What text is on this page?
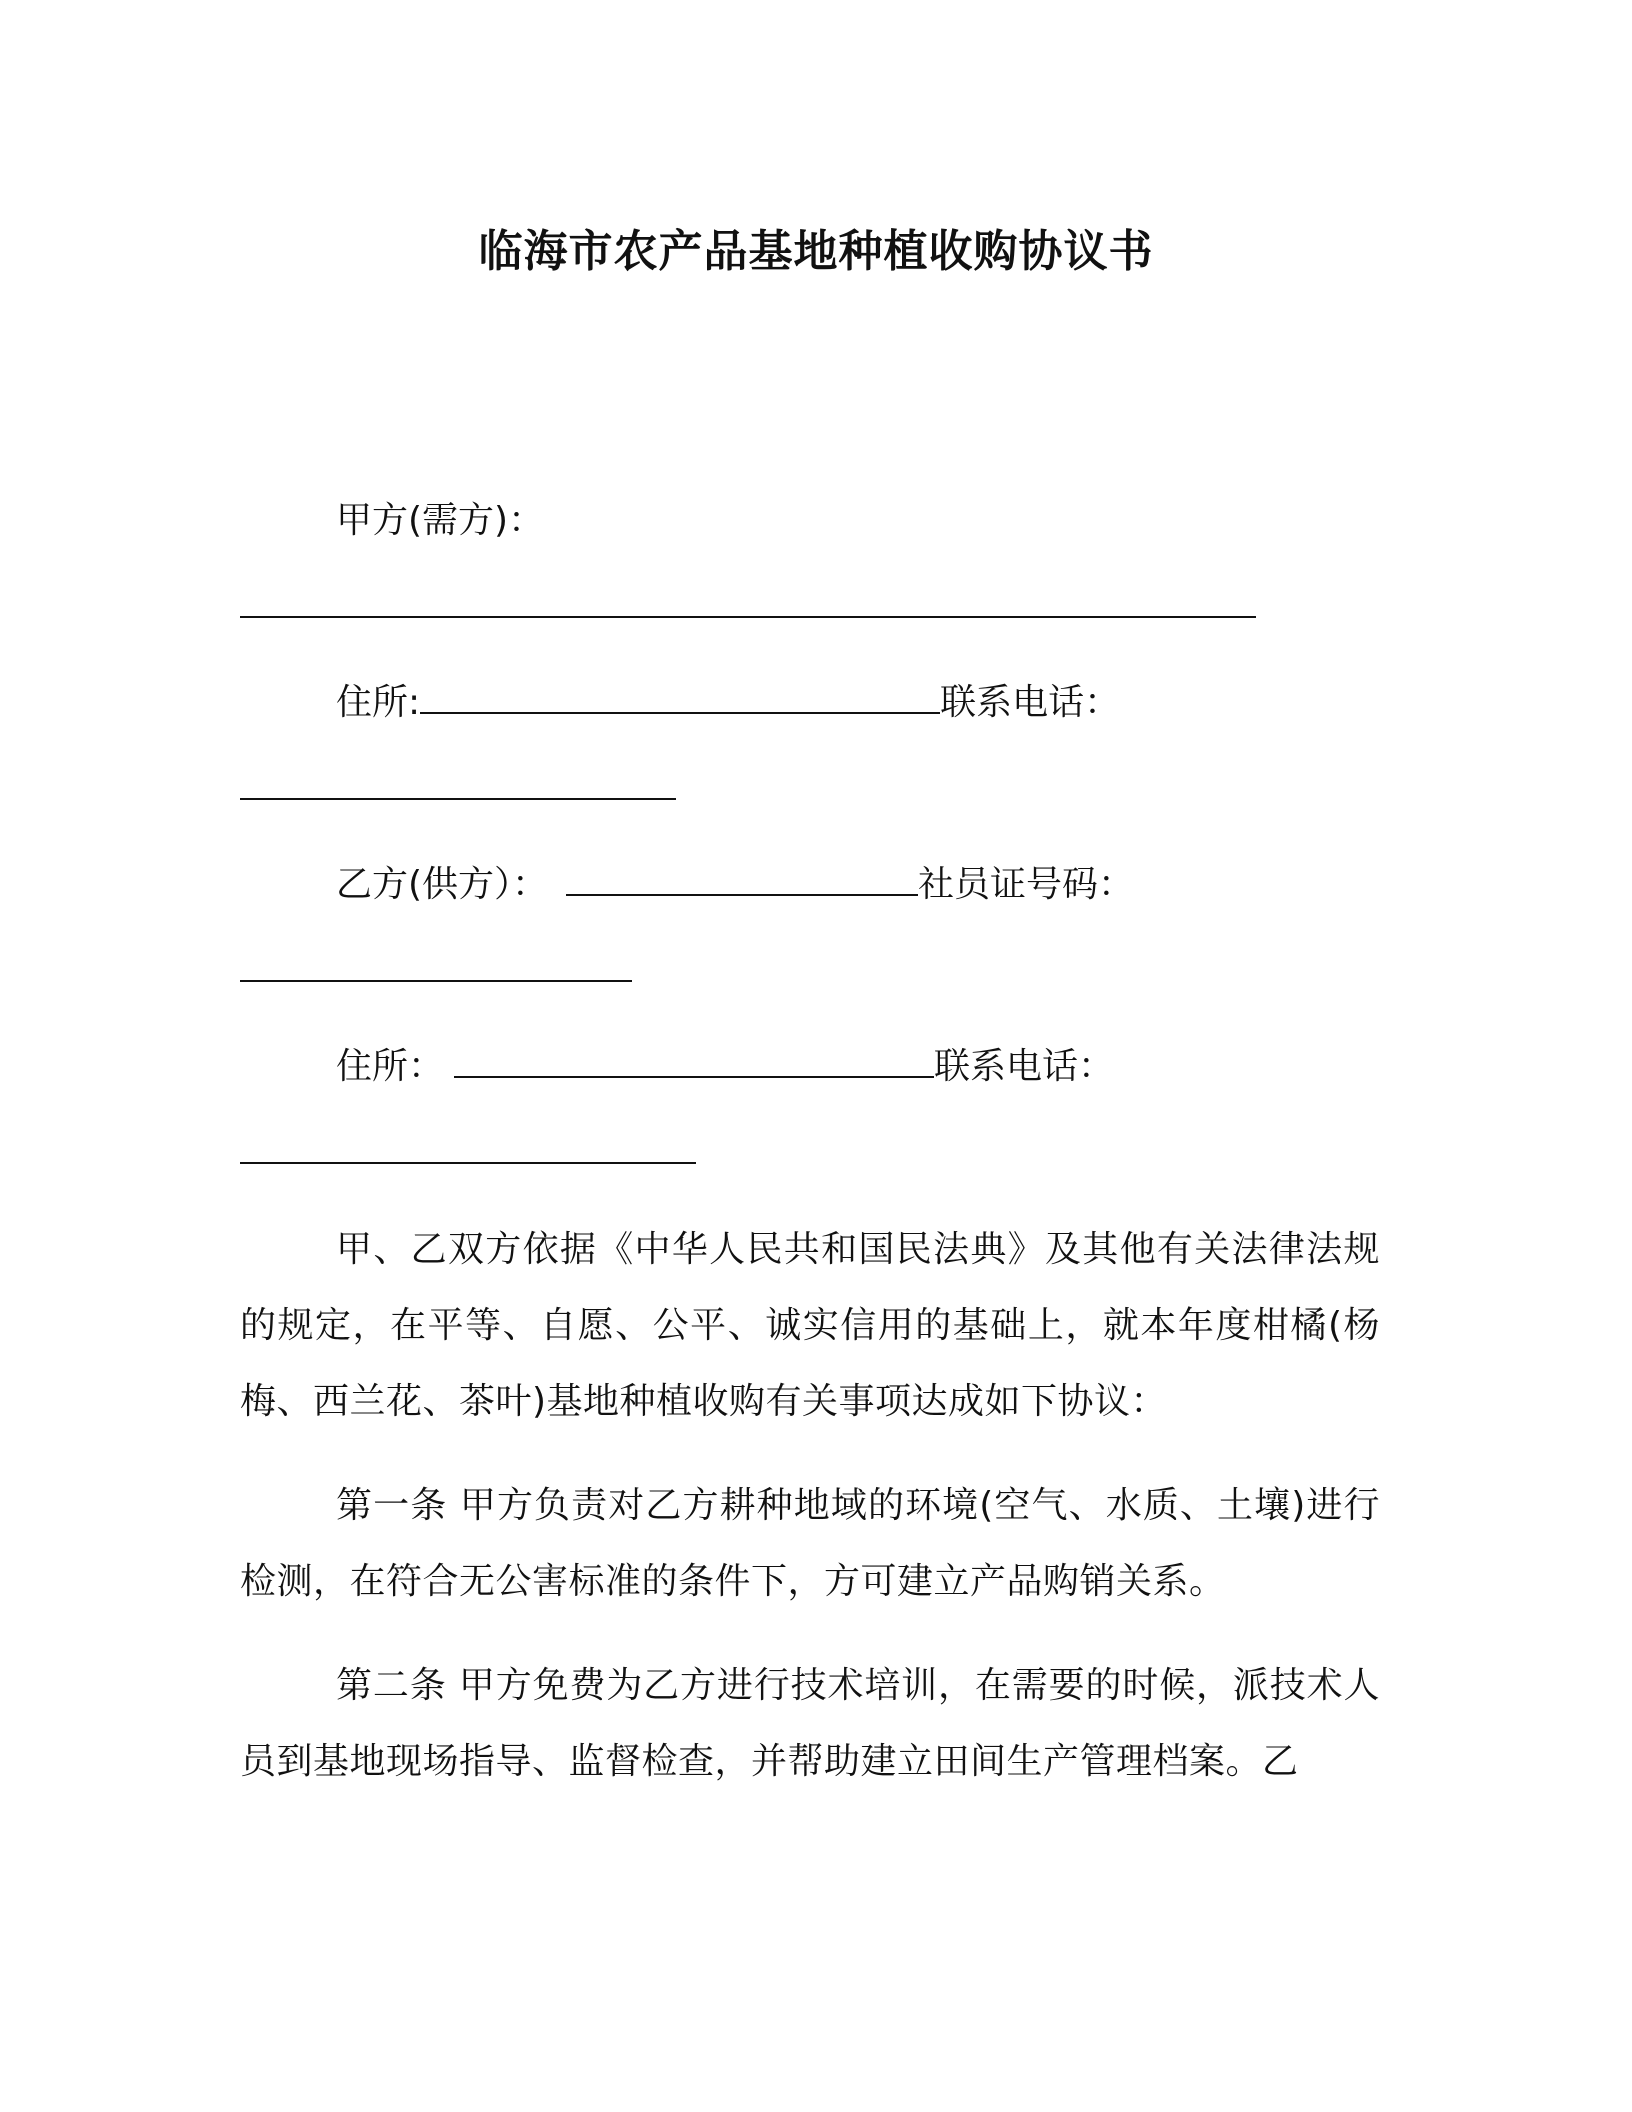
临海市农产品基地种植收购协议书
甲方(需方)：
住所:	联系电话：
乙方(供方）：	社员证号码：
住所：	联系电话：
甲、乙双方依据《中华人民共和国民法典》及其他有关法律法规的规定，在平等、自愿、公平、诚实信用的基础上，就本年度柑橘(杨梅、西兰花、茶叶)基地种植收购有关事项达成如下协议：
第一条 甲方负责对乙方耕种地域的环境(空气、水质、土壤)进行检测，在符合无公害标准的条件下，方可建立产品购销关系。
第二条 甲方免费为乙方进行技术培训，在需要的时候，派技术人员到基地现场指导、监督检查，并帮助建立田间生产管理档案。乙
